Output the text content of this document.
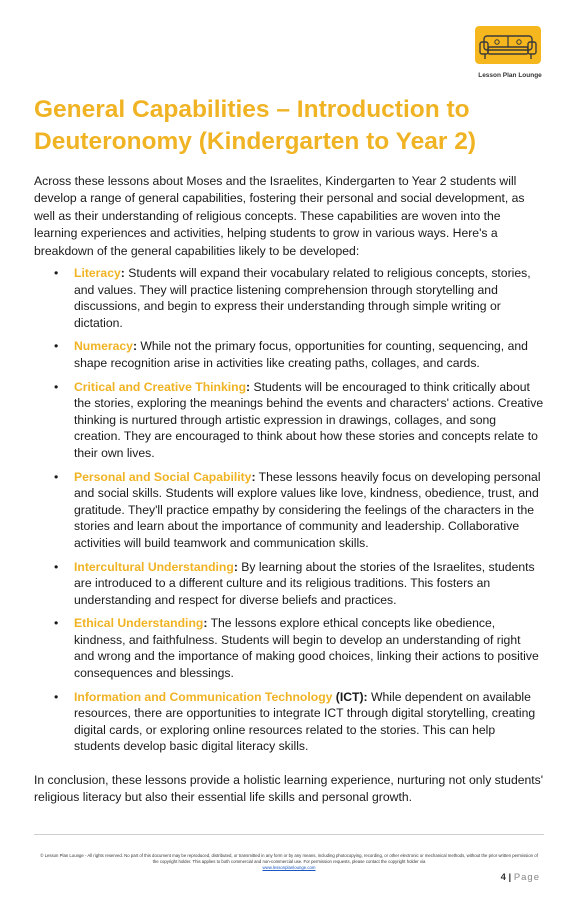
Lesson Plan Lounge
General Capabilities – Introduction to Deuteronomy (Kindergarten to Year 2)

Across these lessons about Moses and the Israelites, Kindergarten to Year 2 students will develop a range of general capabilities, fostering their personal and social development, as well as their understanding of religious concepts. These capabilities are woven into the learning experiences and activities, helping students to grow in various ways. Here's a breakdown of the general capabilities likely to be developed:

• Literacy: Students will expand their vocabulary related to religious concepts, stories, and values. They will practice listening comprehension through storytelling and discussions, and begin to express their understanding through simple writing or dictation.
• Numeracy: While not the primary focus, opportunities for counting, sequencing, and shape recognition arise in activities like creating paths, collages, and cards.
• Critical and Creative Thinking: Students will be encouraged to think critically about the stories, exploring the meanings behind the events and characters' actions. Creative thinking is nurtured through artistic expression in drawings, collages, and song creation. They are encouraged to think about how these stories and concepts relate to their own lives.
• Personal and Social Capability: These lessons heavily focus on developing personal and social skills. Students will explore values like love, kindness, obedience, trust, and gratitude. They'll practice empathy by considering the feelings of the characters in the stories and learn about the importance of community and leadership. Collaborative activities will build teamwork and communication skills.
• Intercultural Understanding: By learning about the stories of the Israelites, students are introduced to a different culture and its religious traditions. This fosters an understanding and respect for diverse beliefs and practices.
• Ethical Understanding: The lessons explore ethical concepts like obedience, kindness, and faithfulness. Students will begin to develop an understanding of right and wrong and the importance of making good choices, linking their actions to positive consequences and blessings.
• Information and Communication Technology (ICT): While dependent on available resources, there are opportunities to integrate ICT through digital storytelling, creating digital cards, or exploring online resources related to the stories. This can help students develop basic digital literacy skills.

In conclusion, these lessons provide a holistic learning experience, nurturing not only students' religious literacy but also their essential life skills and personal growth.

© Lesson Plan Lounge - All rights reserved. No part of this document may be reproduced, distributed, or transmitted in any form or by any means, including photocopying, recording, or other electronic or mechanical methods, without the prior written permission of the copyright holder. This applies to both commercial and non-commercial use. For permission requests, please contact the copyright holder via
www.lessonplanlounge.com
4 | Page
